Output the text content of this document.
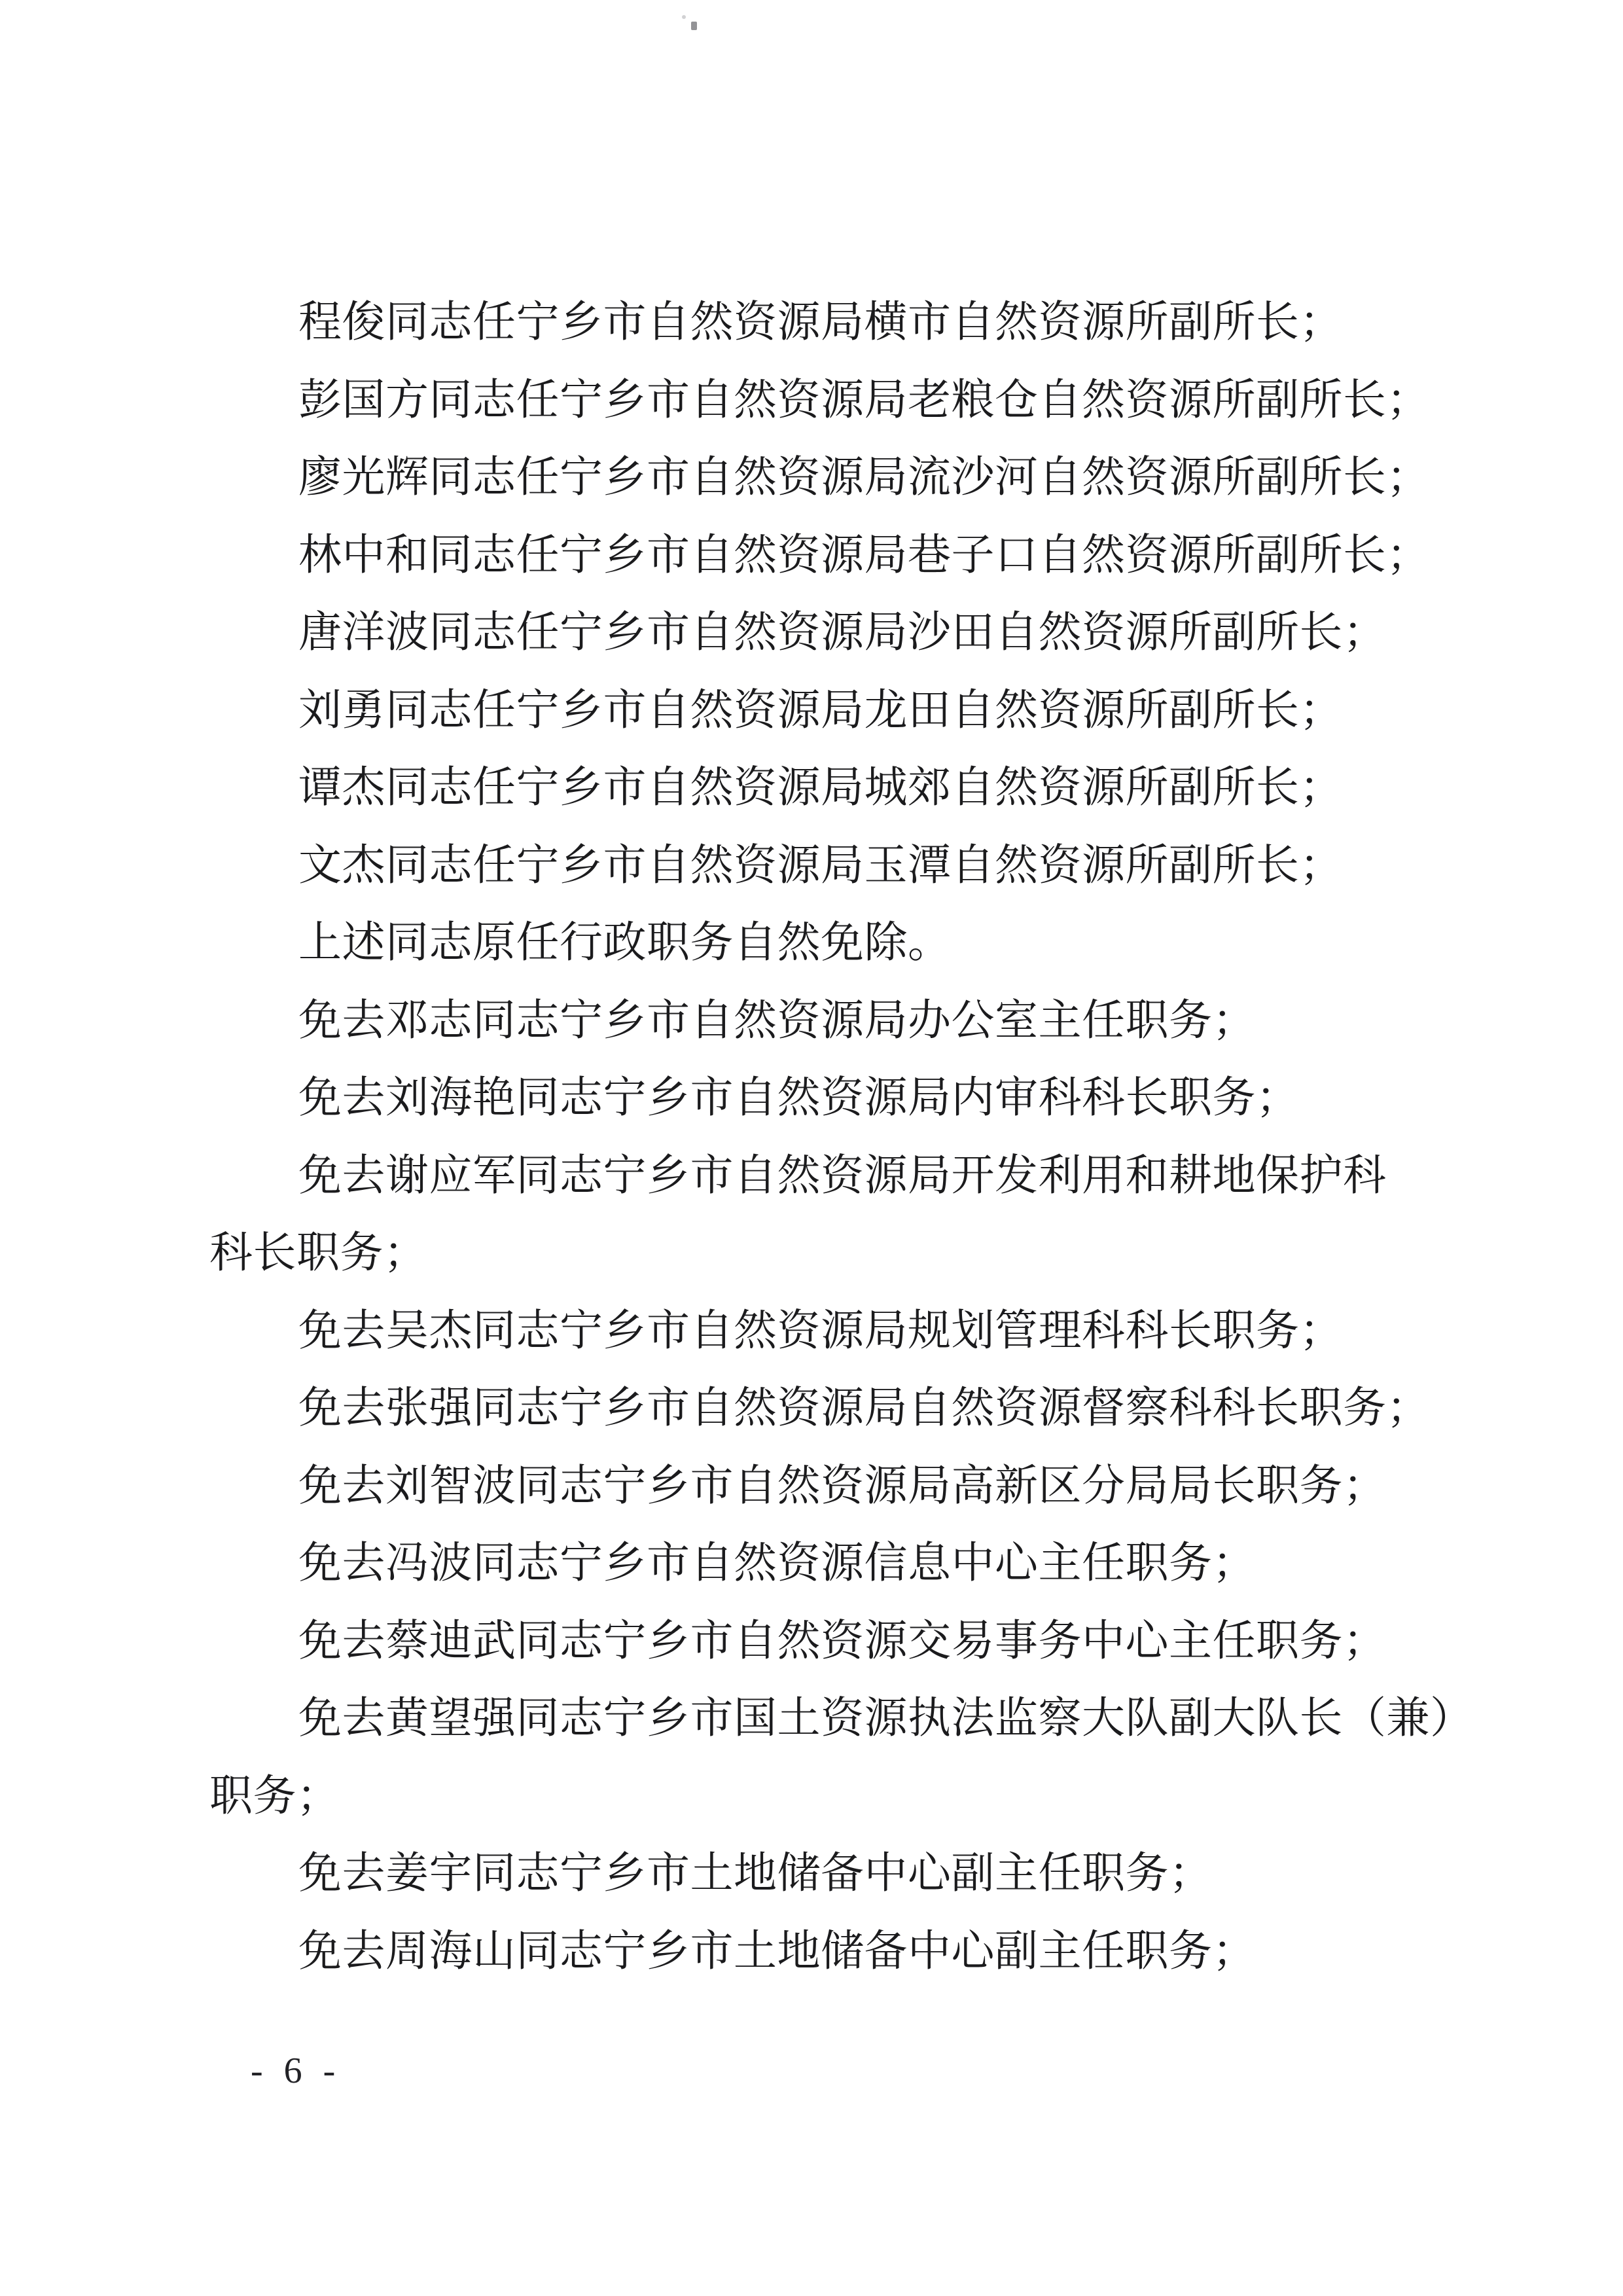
程俊同志任宁乡市自然资源局横市自然资源所副所长；

彭国方同志任宁乡市自然资源局老粮仓自然资源所副所长；

廖光辉同志任宁乡市自然资源局流沙河自然资源所副所长；

林中和同志任宁乡市自然资源局巷子口自然资源所副所长；

唐洋波同志任宁乡市自然资源局沙田自然资源所副所长；

刘勇同志任宁乡市自然资源局龙田自然资源所副所长；

谭杰同志任宁乡市自然资源局城郊自然资源所副所长；

文杰同志任宁乡市自然资源局玉潭自然资源所副所长；

上述同志原任行政职务自然免除。

免去邓志同志宁乡市自然资源局办公室主任职务；

免去刘海艳同志宁乡市自然资源局内审科科长职务；

免去谢应军同志宁乡市自然资源局开发利用和耕地保护科

科长职务；

免去吴杰同志宁乡市自然资源局规划管理科科长职务；

免去张强同志宁乡市自然资源局自然资源督察科科长职务；

免去刘智波同志宁乡市自然资源局高新区分局局长职务；

免去冯波同志宁乡市自然资源信息中心主任职务；

免去蔡迪武同志宁乡市自然资源交易事务中心主任职务；

免去黄望强同志宁乡市国土资源执法监察大队副大队长（兼）

职务；

免去姜宇同志宁乡市土地储备中心副主任职务；

免去周海山同志宁乡市土地储备中心副主任职务；

- 6 -
